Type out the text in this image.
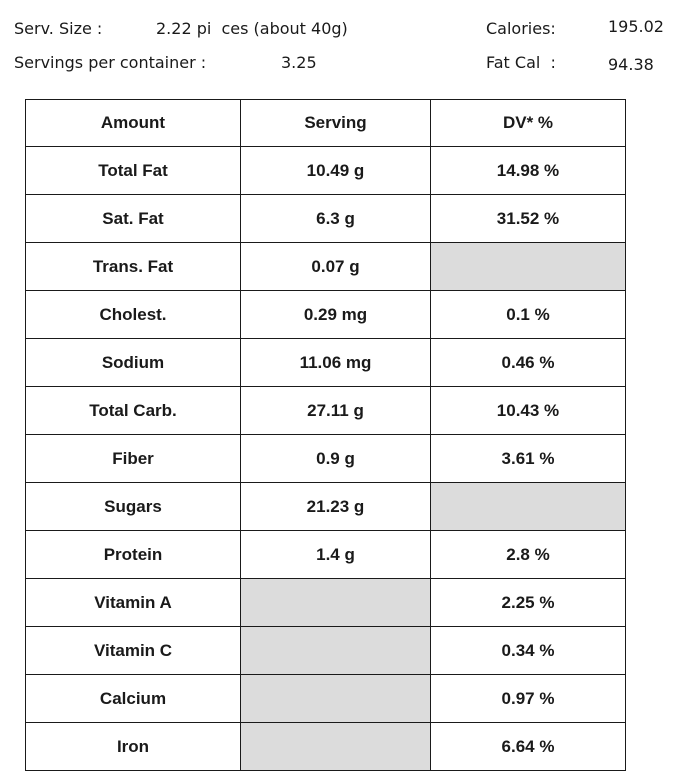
Serv. Size :	2.22 pi  ces (about 40g)
Servings per container :	3.25
Calories:	195.02
Fat Cal  :	94.38
Amount	Serving	DV* %
Total Fat	10.49 g	14.98 %
Sat. Fat	6.3 g	31.52 %
Trans. Fat	0.07 g	
Cholest.	0.29 mg	0.1 %
Sodium	11.06 mg	0.46 %
Total Carb.	27.11 g	10.43 %
Fiber	0.9 g	3.61 %
Sugars	21.23 g	
Protein	1.4 g	2.8 %
Vitamin A		2.25 %
Vitamin C		0.34 %
Calcium		0.97 %
Iron		6.64 %
